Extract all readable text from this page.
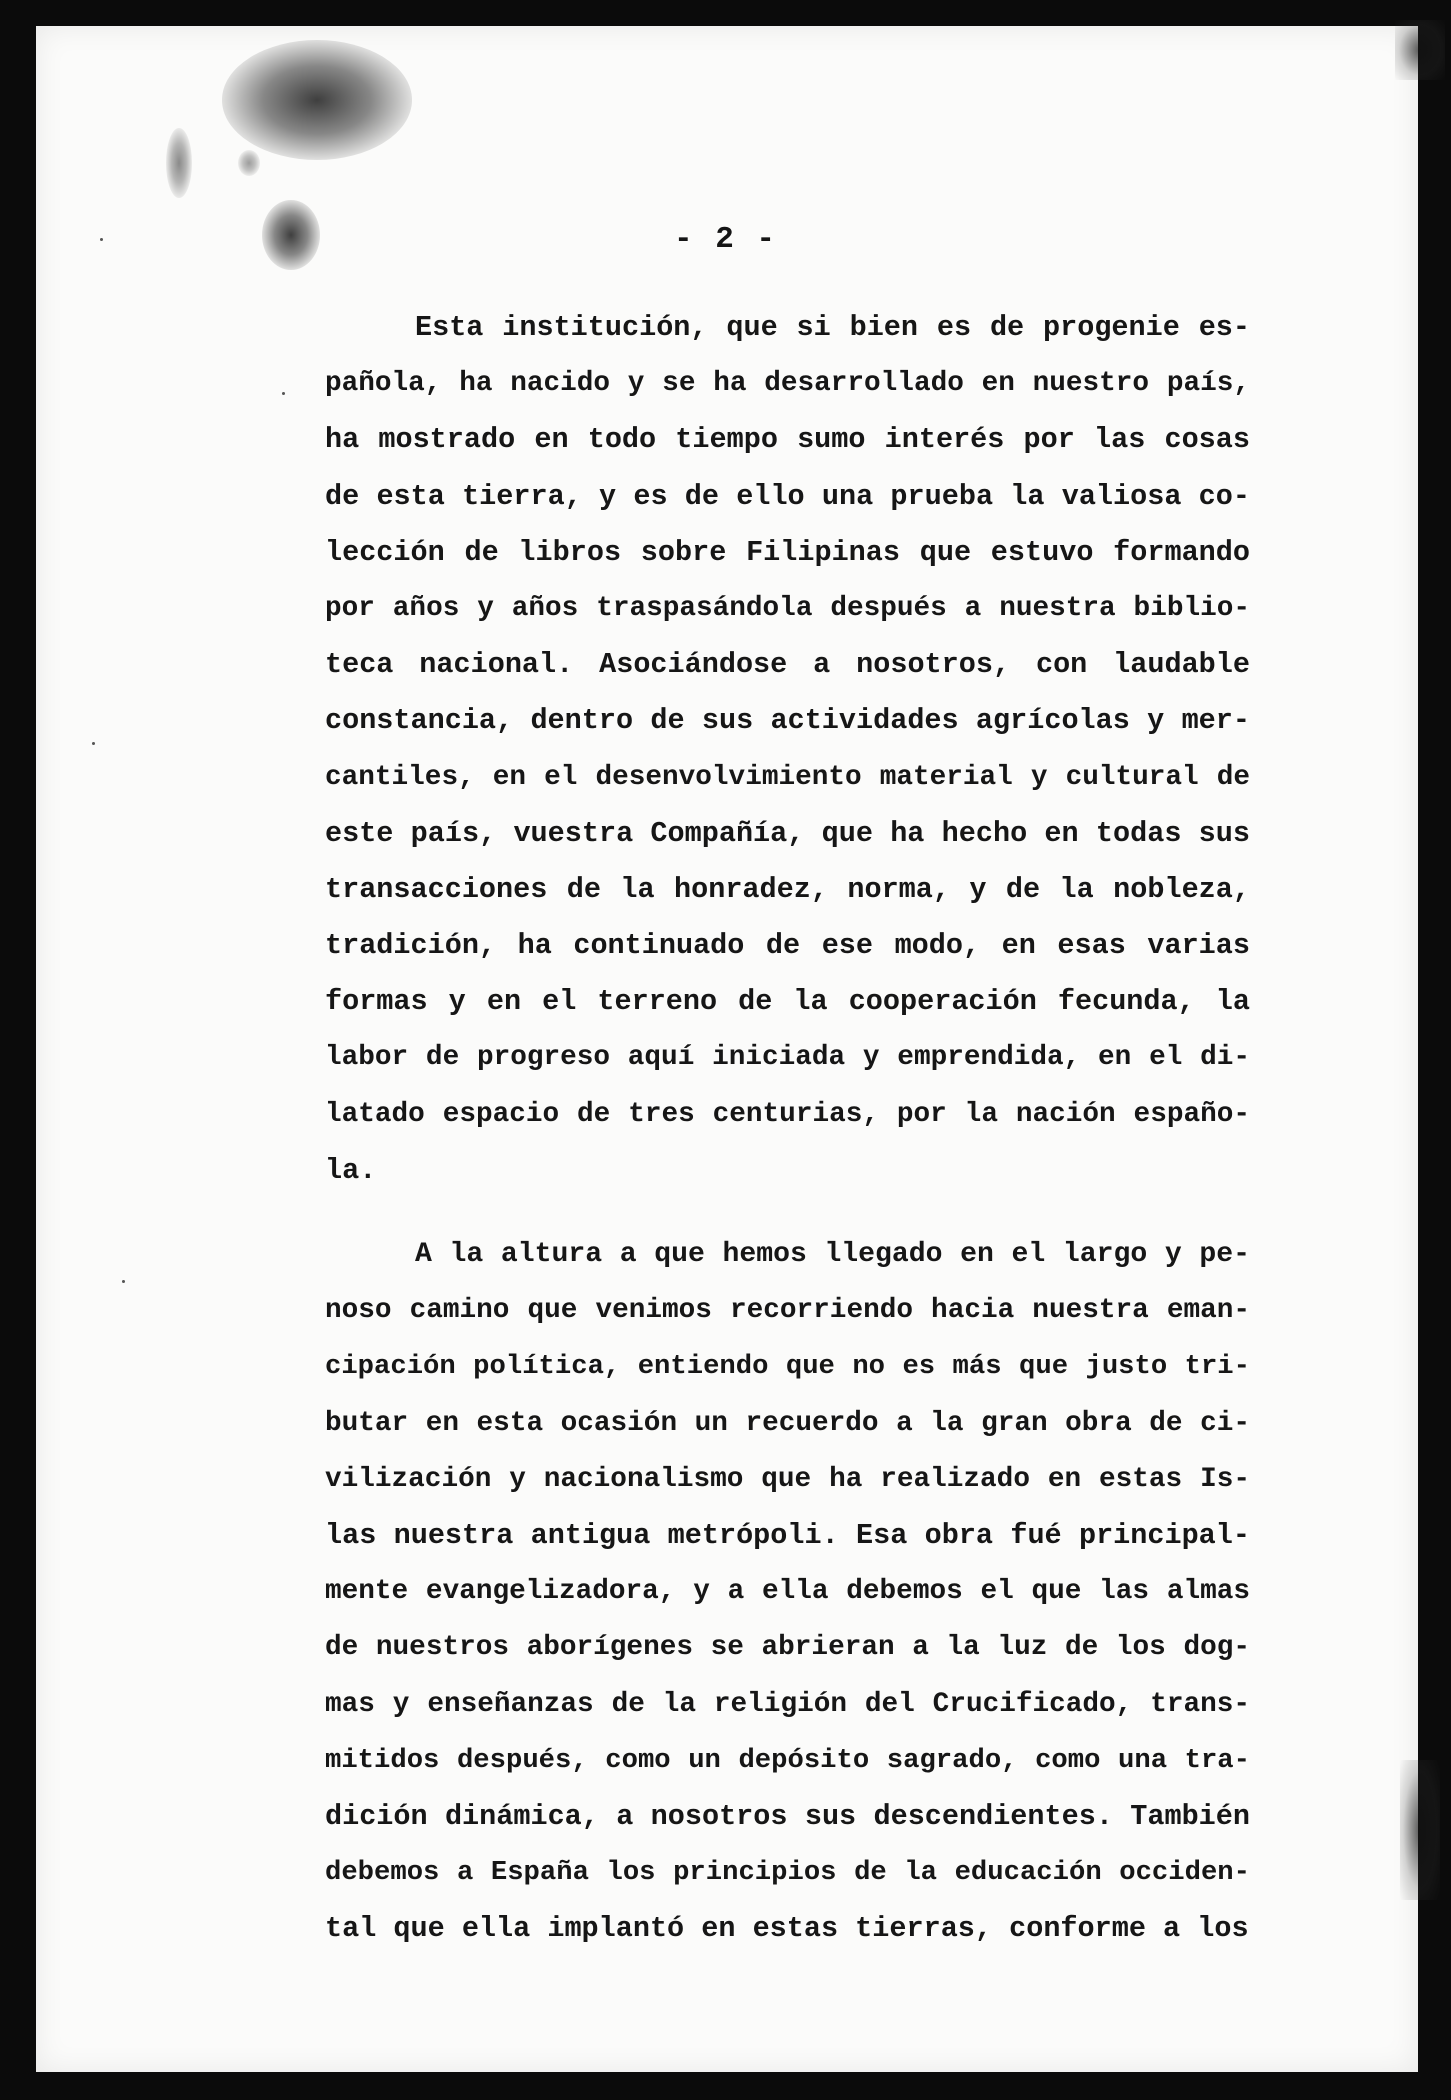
- 2 -
Esta institución, que si bien es de progenie es-
pañola, ha nacido y se ha desarrollado en nuestro país,
ha mostrado en todo tiempo sumo interés por las cosas
de esta tierra, y es de ello una prueba la valiosa co-
lección de libros sobre Filipinas que estuvo formando
por años y años traspasándola después a nuestra biblio-
teca nacional. Asociándose a nosotros, con laudable
constancia, dentro de sus actividades agrícolas y mer-
cantiles, en el desenvolvimiento material y cultural de
este país, vuestra Compañía, que ha hecho en todas sus
transacciones de la honradez, norma, y de la nobleza,
tradición, ha continuado de ese modo, en esas varias
formas y en el terreno de la cooperación fecunda, la
labor de progreso aquí iniciada y emprendida, en el di-
latado espacio de tres centurias, por la nación españo-
la.
A la altura a que hemos llegado en el largo y pe-
noso camino que venimos recorriendo hacia nuestra eman-
cipación política, entiendo que no es más que justo tri-
butar en esta ocasión un recuerdo a la gran obra de ci-
vilización y nacionalismo que ha realizado en estas Is-
las nuestra antigua metrópoli. Esa obra fué principal-
mente evangelizadora, y a ella debemos el que las almas
de nuestros aborígenes se abrieran a la luz de los dog-
mas y enseñanzas de la religión del Crucificado, trans-
mitidos después, como un depósito sagrado, como una tra-
dición dinámica, a nosotros sus descendientes. También
debemos a España los principios de la educación occiden-
tal que ella implantó en estas tierras, conforme a los
